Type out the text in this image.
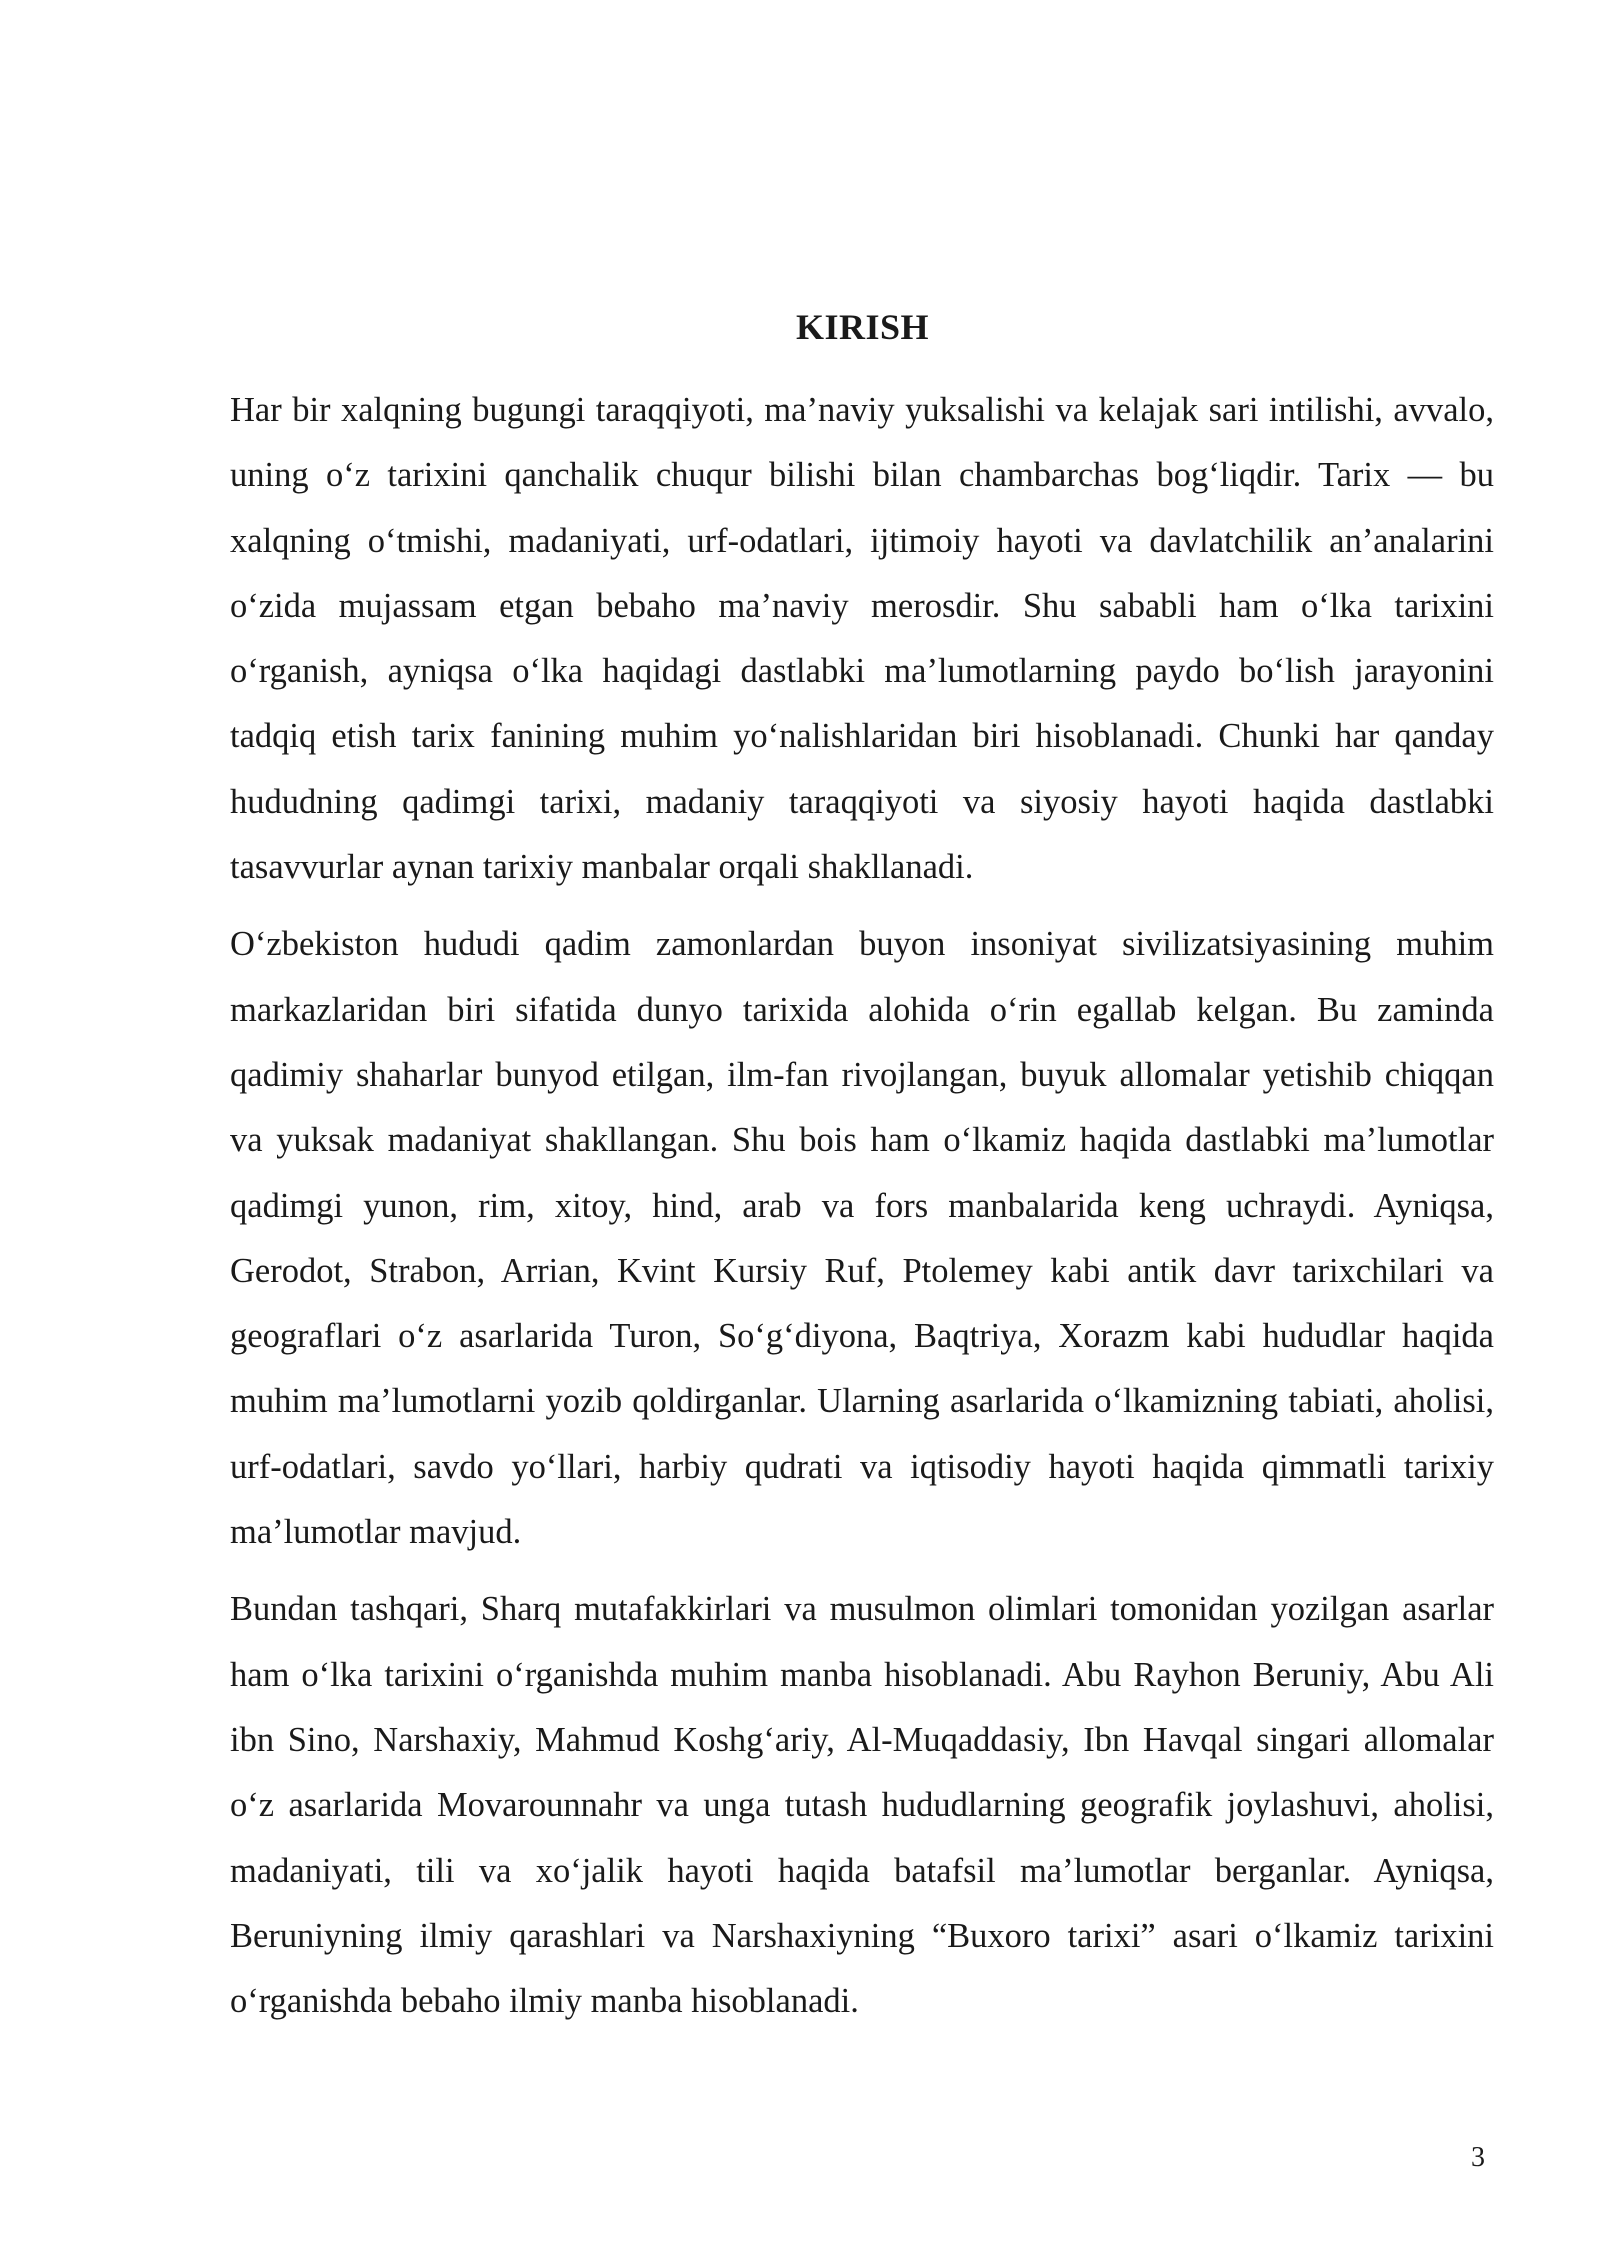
KIRISH

Har bir xalqning bugungi taraqqiyoti, ma’naviy yuksalishi va kelajak sari intilishi, avvalo, uning o‘z tarixini qanchalik chuqur bilishi bilan chambarchas bog‘liqdir. Tarix — bu xalqning o‘tmishi, madaniyati, urf-odatlari, ijtimoiy hayoti va davlatchilik an’analarini o‘zida mujassam etgan bebaho ma’naviy merosdir. Shu sababli ham o‘lka tarixini o‘rganish, ayniqsa o‘lka haqidagi dastlabki ma’lumotlarning paydo bo‘lish jarayonini tadqiq etish tarix fanining muhim yo‘nalishlaridan biri hisoblanadi. Chunki har qanday hududning qadimgi tarixi, madaniy taraqqiyoti va siyosiy hayoti haqida dastlabki tasavvurlar aynan tarixiy manbalar orqali shakllanadi.

O‘zbekiston hududi qadim zamonlardan buyon insoniyat sivilizatsiyasining muhim markazlaridan biri sifatida dunyo tarixida alohida o‘rin egallab kelgan. Bu zaminda qadimiy shaharlar bunyod etilgan, ilm-fan rivojlangan, buyuk allomalar yetishib chiqqan va yuksak madaniyat shakllangan. Shu bois ham o‘lkamiz haqida dastlabki ma’lumotlar qadimgi yunon, rim, xitoy, hind, arab va fors manbalarida keng uchraydi. Ayniqsa, Gerodot, Strabon, Arrian, Kvint Kursiy Ruf, Ptolemey kabi antik davr tarixchilari va geograflari o‘z asarlarida Turon, So‘g‘diyona, Baqtriya, Xorazm kabi hududlar haqida muhim ma’lumotlarni yozib qoldirganlar. Ularning asarlarida o‘lkamizning tabiati, aholisi, urf-odatlari, savdo yo‘llari, harbiy qudrati va iqtisodiy hayoti haqida qimmatli tarixiy ma’lumotlar mavjud.

Bundan tashqari, Sharq mutafakkirlari va musulmon olimlari tomonidan yozilgan asarlar ham o‘lka tarixini o‘rganishda muhim manba hisoblanadi. Abu Rayhon Beruniy, Abu Ali ibn Sino, Narshaxiy, Mahmud Koshg‘ariy, Al-Muqaddasiy, Ibn Havqal singari allomalar o‘z asarlarida Movarounnahr va unga tutash hududlarning geografik joylashuvi, aholisi, madaniyati, tili va xo‘jalik hayoti haqida batafsil ma’lumotlar berganlar. Ayniqsa, Beruniyning ilmiy qarashlari va Narshaxiyning “Buxoro tarixi” asari o‘lkamiz tarixini o‘rganishda bebaho ilmiy manba hisoblanadi.

3
